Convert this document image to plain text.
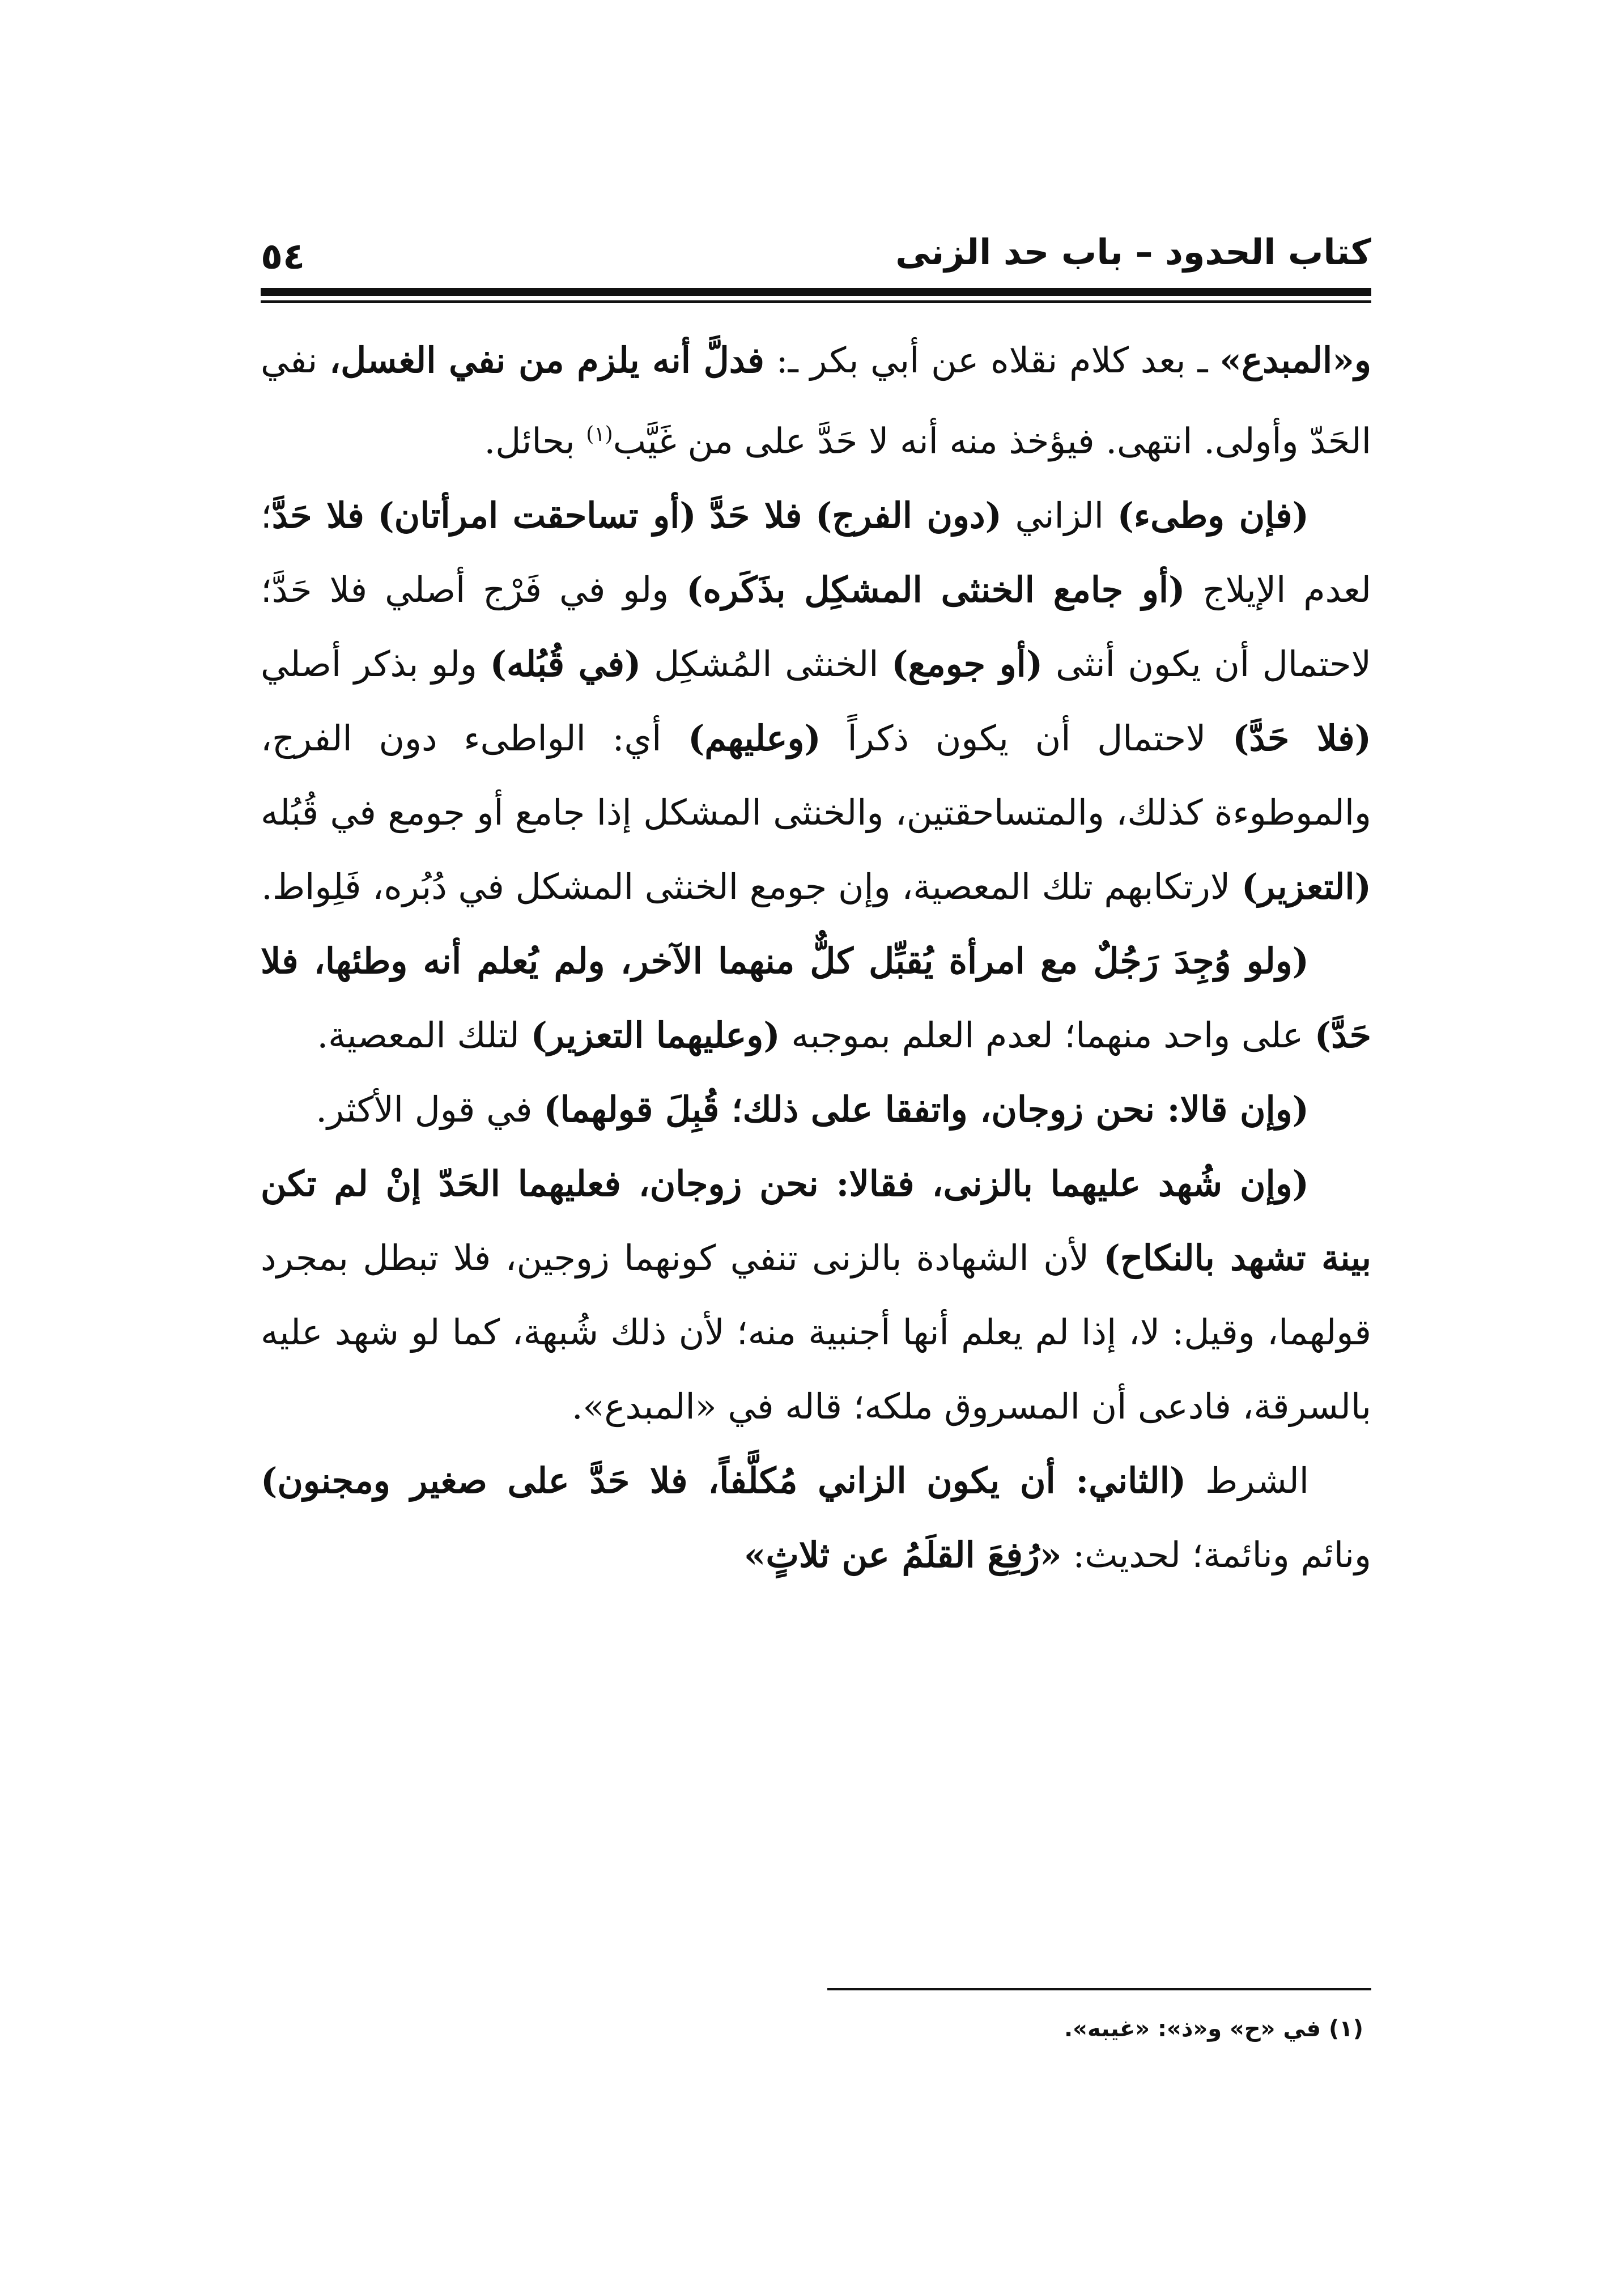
كتاب الحدود – باب حد الزنى
٥٤

و«المبدع» ـ بعد كلام نقلاه عن أبي بكر ـ: فدلَّ أنه يلزم من نفي الغسل، نفي الحَدّ وأولى. انتهى. فيؤخذ منه أنه لا حَدَّ على من غَيَّب$^{(١)}$ بحائل.

(فإن وطىء) الزاني (دون الفرج) فلا حَدَّ (أو تساحقت امرأتان) فلا حَدَّ؛ لعدم الإيلاج (أو جامع الخنثى المشكِل بذَكَره) ولو في فَرْج أصلي فلا حَدَّ؛ لاحتمال أن يكون أنثى (أو جومع) الخنثى المُشكِل (في قُبُله) ولو بذكر أصلي (فلا حَدَّ) لاحتمال أن يكون ذكراً (وعليهم) أي: الواطىء دون الفرج، والموطوءة كذلك، والمتساحقتين، والخنثى المشكل إذا جامع أو جومع في قُبُله (التعزير) لارتكابهم تلك المعصية، وإن جومع الخنثى المشكل في دُبُره، فَلِواط.

(ولو وُجِدَ رَجُلٌ مع امرأة يُقبِّل كلٌّ منهما الآخر، ولم يُعلم أنه وطئها، فلا حَدَّ) على واحد منهما؛ لعدم العلم بموجبه (وعليهما التعزير) لتلك المعصية.

(وإن قالا: نحن زوجان، واتفقا على ذلك؛ قُبِلَ قولهما) في قول الأكثر.

(وإن شُهد عليهما بالزنى، فقالا: نحن زوجان، فعليهما الحَدّ إنْ لم تكن بينة تشهد بالنكاح) لأن الشهادة بالزنى تنفي كونهما زوجين، فلا تبطل بمجرد قولهما، وقيل: لا، إذا لم يعلم أنها أجنبية منه؛ لأن ذلك شُبهة، كما لو شهد عليه بالسرقة، فادعى أن المسروق ملكه؛ قاله في «المبدع».

الشرط (الثاني: أن يكون الزاني مُكلَّفاً، فلا حَدَّ على صغير ومجنون) ونائم ونائمة؛ لحديث: «رُفِعَ القلَمُ عن ثلاثٍ»

(١) في «ح» و«ذ»: «غيبه».
